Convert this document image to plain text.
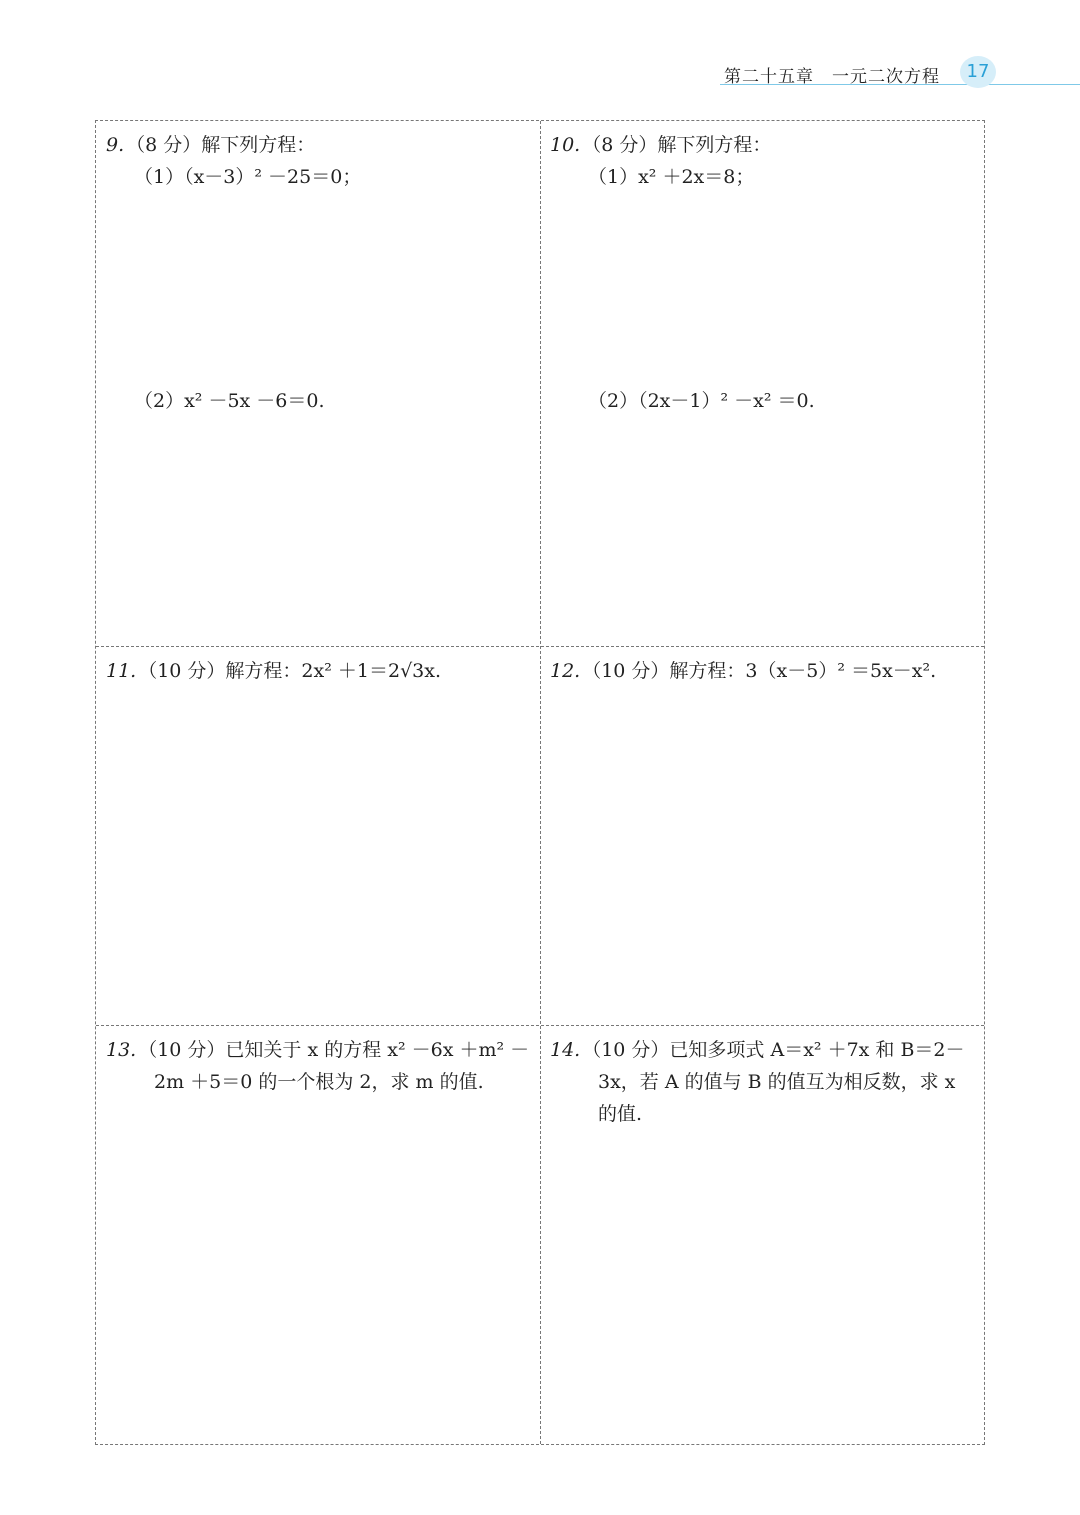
第二十五章　一元二次方程	17
9. （8 分）解下列方程：
（1）（x－3）² －25＝0；
（2）x² －5x －6＝0.
10. （8 分）解下列方程：
（1）x² ＋2x＝8；
（2）（2x－1）² －x² ＝0.
11. （10 分）解方程：2x² ＋1＝2√3x.	12. （10 分）解方程：3（x－5）² ＝5x－x².
13. （10 分）已知关于 x 的方程 x² －6x ＋m² －
2m ＋5＝0 的一个根为 2，求 m 的值.
14. （10 分）已知多项式 A＝x² ＋7x 和 B＝2－
3x，若 A 的值与 B 的值互为相反数，求 x
的值.
